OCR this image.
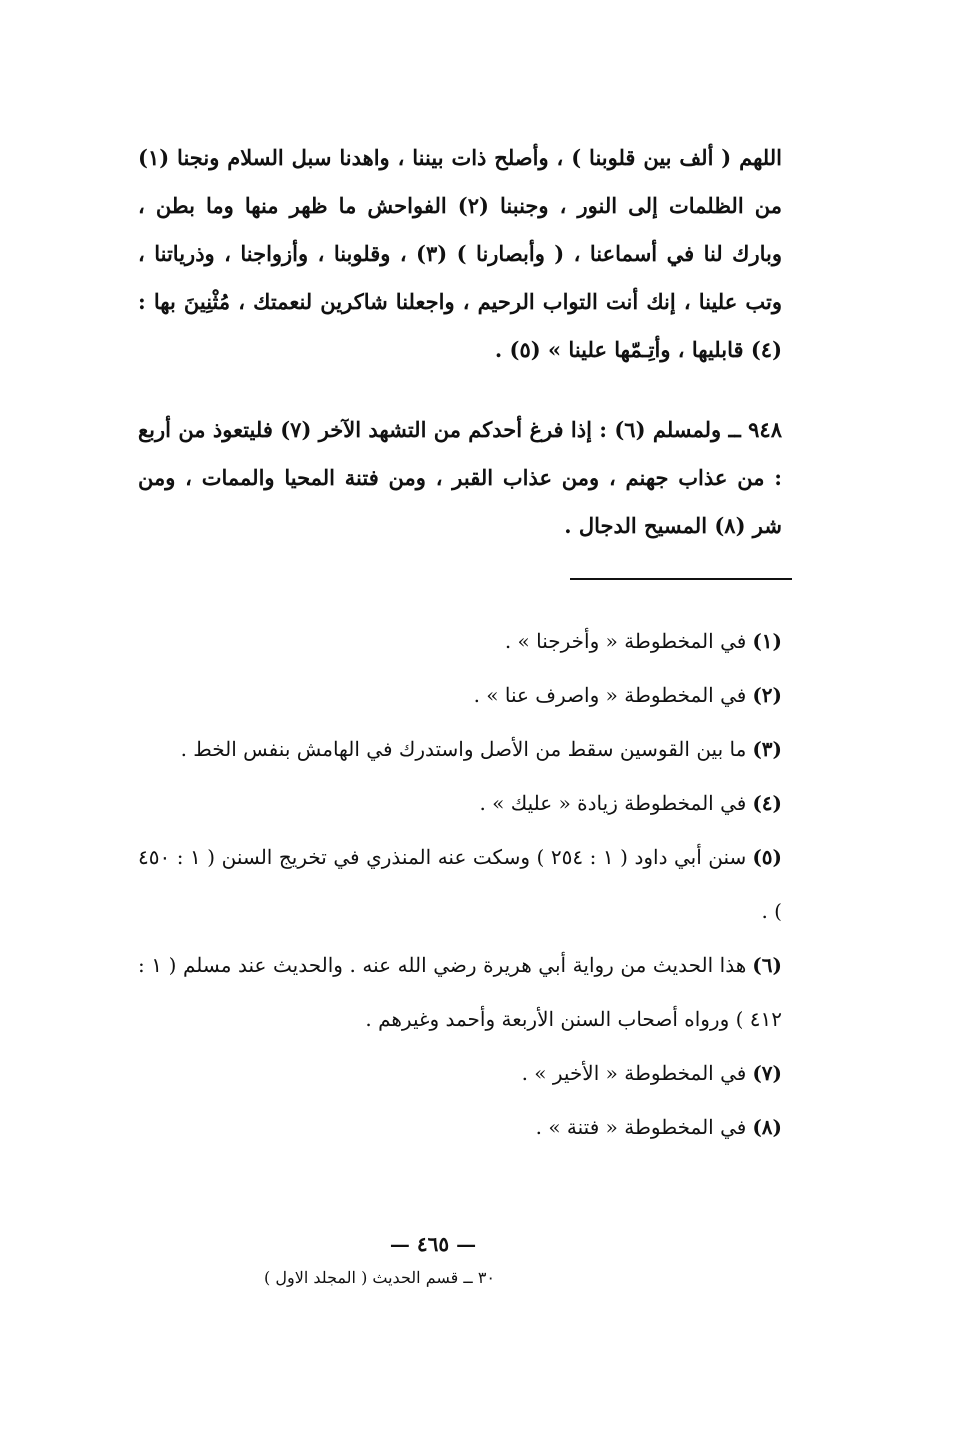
اللهم ( ألف بين قلوبنا ) ، وأصلح ذات بيننا ، واهدنا سبل السلام ونجنا (١) من الظلمات إلى النور ، وجنبنا (٢) الفواحش ما ظهر منها وما بطن ، وبارك لنا في أسماعنا ، ( وأبصارنا ) (٣) ، وقلوبنا ، وأزواجنا ، وذرياتنا ، وتب علينا ، إنك أنت التواب الرحيم ، واجعلنا شاكرين لنعمتك ، مُثْنِينَ بها : (٤) قابليها ، وأتِـمّها علينا » (٥) .
٩٤٨ ــ ولمسلم (٦) : إذا فرغ أحدكم من التشهد الآخر (٧) فليتعوذ من أربع : من عذاب جهنم ، ومن عذاب القبر ، ومن فتنة المحيا والممات ، ومن شر (٨) المسيح الدجال .
(١)في المخطوطة « وأخرجنا » .
(٢)في المخطوطة « واصرف عنا » .
(٣)ما بين القوسين سقط من الأصل واستدرك في الهامش بنفس الخط .
(٤)في المخطوطة زيادة « عليك » .
(٥)سنن أبي داود ( ١ : ٢٥٤ ) وسكت عنه المنذري في تخريج السنن ( ١ : ٤٥٠ ) .
(٦)هذا الحديث من رواية أبي هريرة رضي الله عنه . والحديث عند مسلم ( ١ : ٤١٢ ) ورواه أصحاب السنن الأربعة وأحمد وغيرهم .
(٧)في المخطوطة « الأخير » .
(٨)في المخطوطة « فتنة » .
— ٤٦٥ —
٣٠ ــ قسم الحديث ( المجلد الاول )
